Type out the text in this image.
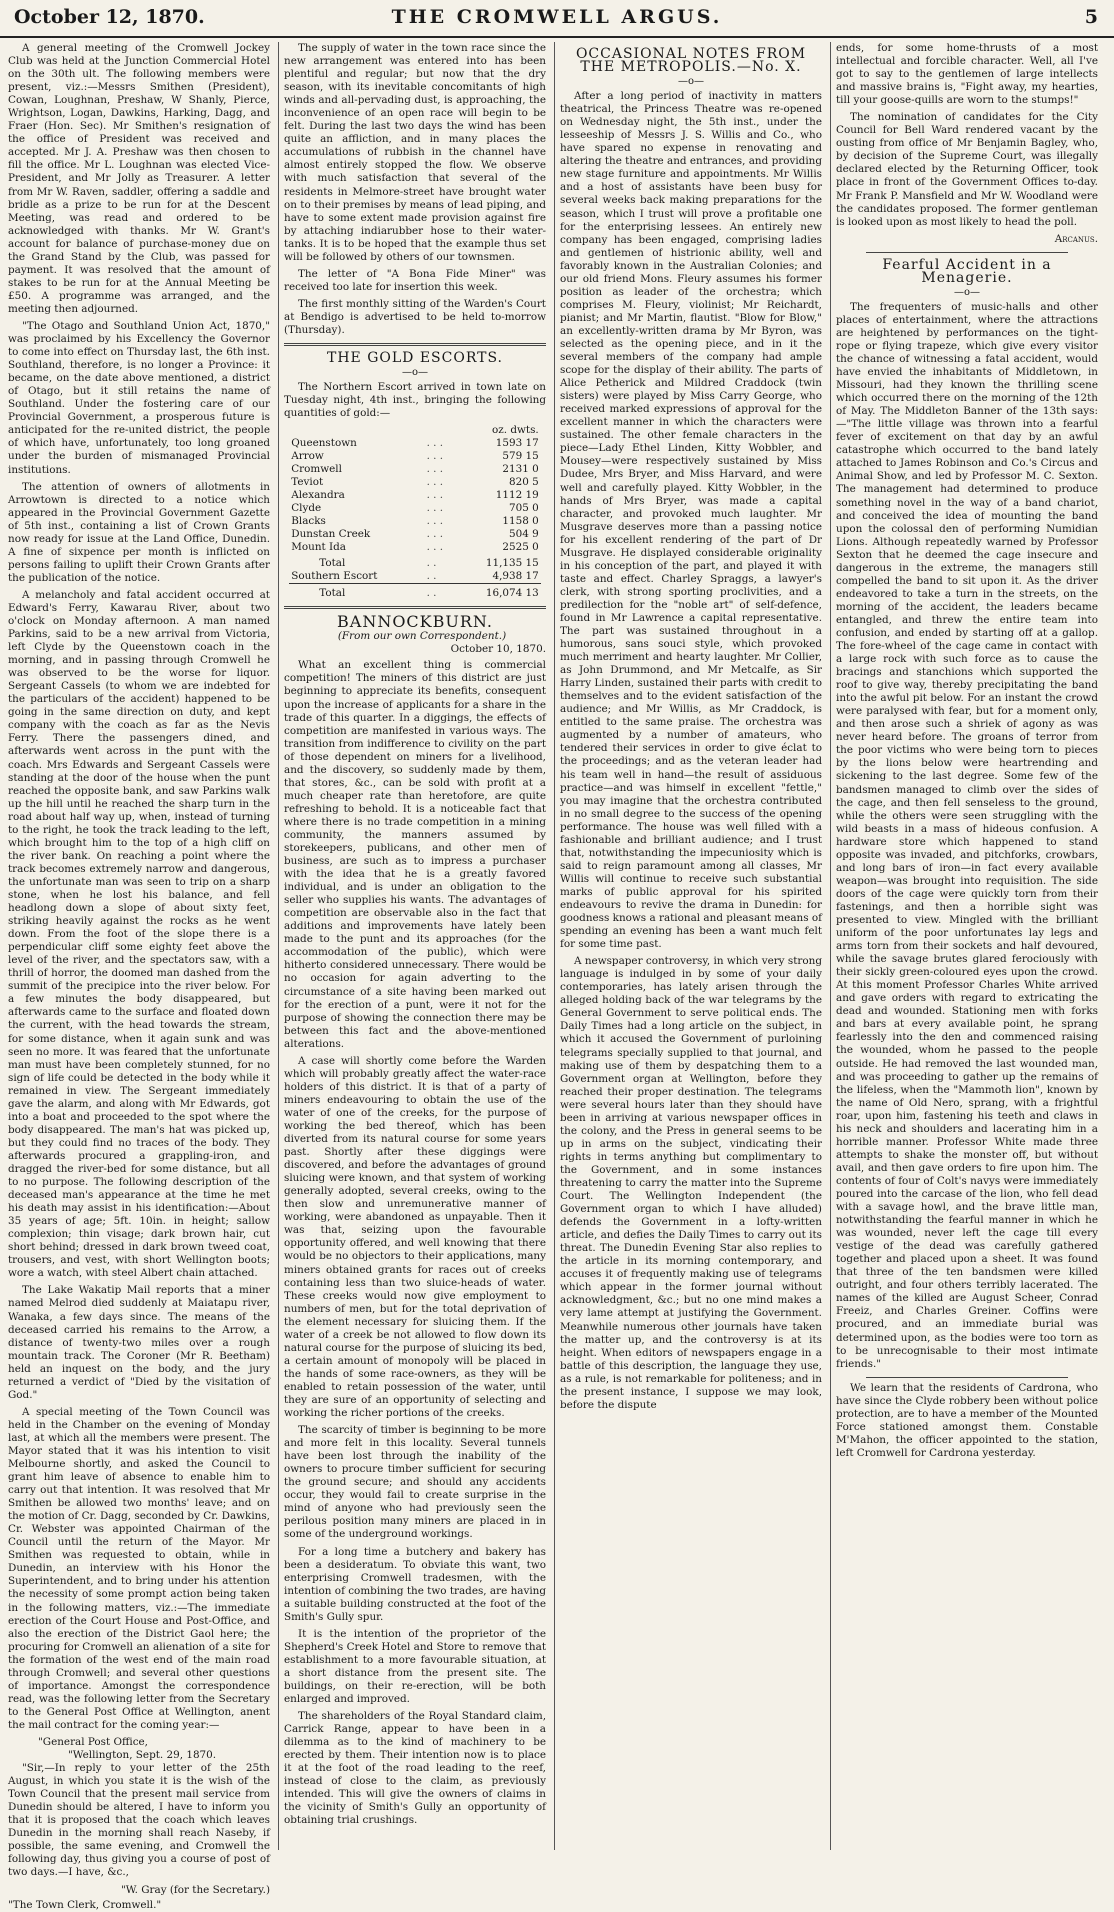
October 12, 1870.	THE CROMWELL ARGUS.	5

A general meeting of the Cromwell Jockey Club was held at the Junction Commercial Hotel on the 30th ult. The following members were present, viz.:—Messrs Smithen (President), Cowan, Loughnan, Preshaw, W Shanly, Pierce, Wrightson, Logan, Dawkins, Harking, Dagg, and Fraer (Hon. Sec). Mr Smithen's resignation of the office of President was received and accepted. Mr J. A. Preshaw was then chosen to fill the office. Mr L. Loughnan was elected Vice-President, and Mr Jolly as Treasurer. A letter from Mr W. Raven, saddler, offering a saddle and bridle as a prize to be run for at the Descent Meeting, was read and ordered to be acknowledged with thanks. Mr W. Grant's account for balance of purchase-money due on the Grand Stand by the Club, was passed for payment. It was resolved that the amount of stakes to be run for at the Annual Meeting be £50. A programme was arranged, and the meeting then adjourned.

"The Otago and Southland Union Act, 1870," was proclaimed by his Excellency the Governor to come into effect on Thursday last, the 6th inst. Southland, therefore, is no longer a Province: it became, on the date above mentioned, a district of Otago, but it still retains the name of Southland. Under the fostering care of our Provincial Government, a prosperous future is anticipated for the re-united district, the people of which have, unfortunately, too long groaned under the burden of mismanaged Provincial institutions.

The attention of owners of allotments in Arrowtown is directed to a notice which appeared in the Provincial Government Gazette of 5th inst., containing a list of Crown Grants now ready for issue at the Land Office, Dunedin. A fine of sixpence per month is inflicted on persons failing to uplift their Crown Grants after the publication of the notice.

A melancholy and fatal accident occurred at Edward's Ferry, Kawarau River, about two o'clock on Monday afternoon. A man named Parkins, said to be a new arrival from Victoria, left Clyde by the Queenstown coach in the morning, and in passing through Cromwell he was observed to be the worse for liquor. Sergeant Cassels (to whom we are indebted for the particulars of the accident) happened to be going in the same direction on duty, and kept company with the coach as far as the Nevis Ferry. There the passengers dined, and afterwards went across in the punt with the coach. Mrs Edwards and Sergeant Cassels were standing at the door of the house when the punt reached the opposite bank, and saw Parkins walk up the hill until he reached the sharp turn in the road about half way up, when, instead of turning to the right, he took the track leading to the left, which brought him to the top of a high cliff on the river bank. On reaching a point where the track becomes extremely narrow and dangerous, the unfortunate man was seen to trip on a sharp stone, when he lost his balance, and fell headlong down a slope of about sixty feet, striking heavily against the rocks as he went down. From the foot of the slope there is a perpendicular cliff some eighty feet above the level of the river, and the spectators saw, with a thrill of horror, the doomed man dashed from the summit of the precipice into the river below. For a few minutes the body disappeared, but afterwards came to the surface and floated down the current, with the head towards the stream, for some distance, when it again sunk and was seen no more. It was feared that the unfortunate man must have been completely stunned, for no sign of life could be detected in the body while it remained in view. The Sergeant immediately gave the alarm, and along with Mr Edwards, got into a boat and proceeded to the spot where the body disappeared. The man's hat was picked up, but they could find no traces of the body. They afterwards procured a grappling-iron, and dragged the river-bed for some distance, but all to no purpose. The following description of the deceased man's appearance at the time he met his death may assist in his identification:—About 35 years of age; 5ft. 10in. in height; sallow complexion; thin visage; dark brown hair, cut short behind; dressed in dark brown tweed coat, trousers, and vest, with short Wellington boots; wore a watch, with steel Albert chain attached.

The Lake Wakatip Mail reports that a miner named Melrod died suddenly at Maiatapu river, Wanaka, a few days since. The means of the deceased carried his remains to the Arrow, a distance of twenty-two miles over a rough mountain track. The Coroner (Mr R. Beetham) held an inquest on the body, and the jury returned a verdict of "Died by the visitation of God."

A special meeting of the Town Council was held in the Chamber on the evening of Monday last, at which all the members were present. The Mayor stated that it was his intention to visit Melbourne shortly, and asked the Council to grant him leave of absence to enable him to carry out that intention. It was resolved that Mr Smithen be allowed two months' leave; and on the motion of Cr. Dagg, seconded by Cr. Dawkins, Cr. Webster was appointed Chairman of the Council until the return of the Mayor. Mr Smithen was requested to obtain, while in Dunedin, an interview with his Honor the Superintendent, and to bring under his attention the necessity of some prompt action being taken in the following matters, viz.:—The immediate erection of the Court House and Post-Office, and also the erection of the District Gaol here; the procuring for Cromwell an alienation of a site for the formation of the west end of the main road through Cromwell; and several other questions of importance. Amongst the correspondence read, was the following letter from the Secretary to the General Post Office at Wellington, anent the mail contract for the coming year:—

"General Post Office,

"Wellington, Sept. 29, 1870.

"Sir,—In reply to your letter of the 25th August, in which you state it is the wish of the Town Council that the present mail service from Dunedin should be altered, I have to inform you that it is proposed that the coach which leaves Dunedin in the morning shall reach Naseby, if possible, the same evening, and Cromwell the following day, thus giving you a course of post of two days.—I have, &c.,

"W. Gray (for the Secretary.)

"The Town Clerk, Cromwell."

The supply of water in the town race since the new arrangement was entered into has been plentiful and regular; but now that the dry season, with its inevitable concomitants of high winds and all-pervading dust, is approaching, the inconvenience of an open race will begin to be felt. During the last two days the wind has been quite an affliction, and in many places the accumulations of rubbish in the channel have almost entirely stopped the flow. We observe with much satisfaction that several of the residents in Melmore-street have brought water on to their premises by means of lead piping, and have to some extent made provision against fire by attaching indiarubber hose to their water-tanks. It is to be hoped that the example thus set will be followed by others of our townsmen.

The letter of "A Bona Fide Miner" was received too late for insertion this week.

The first monthly sitting of the Warden's Court at Bendigo is advertised to be held to-morrow (Thursday).

THE GOLD ESCORTS.
—o—

The Northern Escort arrived in town late on Tuesday night, 4th inst., bringing the following quantities of gold:—

		oz. dwts.
Queenstown	. . .	1593 17
Arrow	. . .	579 15
Cromwell	. . .	2131 0
Teviot	. . .	820 5
Alexandra	. . .	1112 19
Clyde	. . .	705 0
Blacks	. . .	1158 0
Dunstan Creek	. . .	504 9
Mount Ida	. . .	2525 0
Total	. .	11,135 15
Southern Escort	. .	4,938 17
Total	. .	16,074 13
BANNOCKBURN.

(From our own Correspondent.)

October 10, 1870.

What an excellent thing is commercial competition! The miners of this district are just beginning to appreciate its benefits, consequent upon the increase of applicants for a share in the trade of this quarter. In a diggings, the effects of competition are manifested in various ways. The transition from indifference to civility on the part of those dependent on miners for a livelihood, and the discovery, so suddenly made by them, that stores, &c., can be sold with profit at a much cheaper rate than heretofore, are quite refreshing to behold. It is a noticeable fact that where there is no trade competition in a mining community, the manners assumed by storekeepers, publicans, and other men of business, are such as to impress a purchaser with the idea that he is a greatly favored individual, and is under an obligation to the seller who supplies his wants. The advantages of competition are observable also in the fact that additions and improvements have lately been made to the punt and its approaches (for the accommodation of the public), which were hitherto considered unnecessary. There would be no occasion for again adverting to the circumstance of a site having been marked out for the erection of a punt, were it not for the purpose of showing the connection there may be between this fact and the above-mentioned alterations.

A case will shortly come before the Warden which will probably greatly affect the water-race holders of this district. It is that of a party of miners endeavouring to obtain the use of the water of one of the creeks, for the purpose of working the bed thereof, which has been diverted from its natural course for some years past. Shortly after these diggings were discovered, and before the advantages of ground sluicing were known, and that system of working generally adopted, several creeks, owing to the then slow and unremunerative manner of working, were abandoned as unpayable. Then it was that, seizing upon the favourable opportunity offered, and well knowing that there would be no objectors to their applications, many miners obtained grants for races out of creeks containing less than two sluice-heads of water. These creeks would now give employment to numbers of men, but for the total deprivation of the element necessary for sluicing them. If the water of a creek be not allowed to flow down its natural course for the purpose of sluicing its bed, a certain amount of monopoly will be placed in the hands of some race-owners, as they will be enabled to retain possession of the water, until they are sure of an opportunity of selecting and working the richer portions of the creeks.

The scarcity of timber is beginning to be more and more felt in this locality. Several tunnels have been lost through the inability of the owners to procure timber sufficient for securing the ground secure; and should any accidents occur, they would fail to create surprise in the mind of anyone who had previously seen the perilous position many miners are placed in in some of the underground workings.

For a long time a butchery and bakery has been a desideratum. To obviate this want, two enterprising Cromwell tradesmen, with the intention of combining the two trades, are having a suitable building constructed at the foot of the Smith's Gully spur.

It is the intention of the proprietor of the Shepherd's Creek Hotel and Store to remove that establishment to a more favourable situation, at a short distance from the present site. The buildings, on their re-erection, will be both enlarged and improved.

The shareholders of the Royal Standard claim, Carrick Range, appear to have been in a dilemma as to the kind of machinery to be erected by them. Their intention now is to place it at the foot of the road leading to the reef, instead of close to the claim, as previously intended. This will give the owners of claims in the vicinity of Smith's Gully an opportunity of obtaining trial crushings.

OCCASIONAL NOTES FROM THE METROPOLIS.—No. X.
—o—

After a long period of inactivity in matters theatrical, the Princess Theatre was re-opened on Wednesday night, the 5th inst., under the lesseeship of Messrs J. S. Willis and Co., who have spared no expense in renovating and altering the theatre and entrances, and providing new stage furniture and appointments. Mr Willis and a host of assistants have been busy for several weeks back making preparations for the season, which I trust will prove a profitable one for the enterprising lessees. An entirely new company has been engaged, comprising ladies and gentlemen of histrionic ability, well and favorably known in the Australian Colonies; and our old friend Mons. Fleury assumes his former position as leader of the orchestra; which comprises M. Fleury, violinist; Mr Reichardt, pianist; and Mr Martin, flautist. "Blow for Blow," an excellently-written drama by Mr Byron, was selected as the opening piece, and in it the several members of the company had ample scope for the display of their ability. The parts of Alice Petherick and Mildred Craddock (twin sisters) were played by Miss Carry George, who received marked expressions of approval for the excellent manner in which the characters were sustained. The other female characters in the piece—Lady Ethel Linden, Kitty Wobbler, and Mousey—were respectively sustained by Miss Dudee, Mrs Bryer, and Miss Harvard, and were well and carefully played. Kitty Wobbler, in the hands of Mrs Bryer, was made a capital character, and provoked much laughter. Mr Musgrave deserves more than a passing notice for his excellent rendering of the part of Dr Musgrave. He displayed considerable originality in his conception of the part, and played it with taste and effect. Charley Spraggs, a lawyer's clerk, with strong sporting proclivities, and a predilection for the "noble art" of self-defence, found in Mr Lawrence a capital representative. The part was sustained throughout in a humorous, sans souci style, which provoked much merriment and hearty laughter. Mr Collier, as John Drummond, and Mr Metcalfe, as Sir Harry Linden, sustained their parts with credit to themselves and to the evident satisfaction of the audience; and Mr Willis, as Mr Craddock, is entitled to the same praise. The orchestra was augmented by a number of amateurs, who tendered their services in order to give éclat to the proceedings; and as the veteran leader had his team well in hand—the result of assiduous practice—and was himself in excellent "fettle," you may imagine that the orchestra contributed in no small degree to the success of the opening performance. The house was well filled with a fashionable and brilliant audience; and I trust that, notwithstanding the impecuniosity which is said to reign paramount among all classes, Mr Willis will continue to receive such substantial marks of public approval for his spirited endeavours to revive the drama in Dunedin: for goodness knows a rational and pleasant means of spending an evening has been a want much felt for some time past.

A newspaper controversy, in which very strong language is indulged in by some of your daily contemporaries, has lately arisen through the alleged holding back of the war telegrams by the General Government to serve political ends. The Daily Times had a long article on the subject, in which it accused the Government of purloining telegrams specially supplied to that journal, and making use of them by despatching them to a Government organ at Wellington, before they reached their proper destination. The telegrams were several hours later than they should have been in arriving at various newspaper offices in the colony, and the Press in general seems to be up in arms on the subject, vindicating their rights in terms anything but complimentary to the Government, and in some instances threatening to carry the matter into the Supreme Court. The Wellington Independent (the Government organ to which I have alluded) defends the Government in a lofty-written article, and defies the Daily Times to carry out its threat. The Dunedin Evening Star also replies to the article in its morning contemporary, and accuses it of frequently making use of telegrams which appear in the former journal without acknowledgment, &c.; but no one mind makes a very lame attempt at justifying the Government. Meanwhile numerous other journals have taken the matter up, and the controversy is at its height. When editors of newspapers engage in a battle of this description, the language they use, as a rule, is not remarkable for politeness; and in the present instance, I suppose we may look, before the dispute

ends, for some home-thrusts of a most intellectual and forcible character. Well, all I've got to say to the gentlemen of large intellects and massive brains is, "Fight away, my hearties, till your goose-quills are worn to the stumps!"

The nomination of candidates for the City Council for Bell Ward rendered vacant by the ousting from office of Mr Benjamin Bagley, who, by decision of the Supreme Court, was illegally declared elected by the Returning Officer, took place in front of the Government Offices to-day. Mr Frank P. Mansfield and Mr W. Woodland were the candidates proposed. The former gentleman is looked upon as most likely to head the poll.

Arcanus.

Fearful Accident in a Menagerie.
—o—

The frequenters of music-halls and other places of entertainment, where the attractions are heightened by performances on the tight-rope or flying trapeze, which give every visitor the chance of witnessing a fatal accident, would have envied the inhabitants of Middletown, in Missouri, had they known the thrilling scene which occurred there on the morning of the 12th of May. The Middleton Banner of the 13th says:—"The little village was thrown into a fearful fever of excitement on that day by an awful catastrophe which occurred to the band lately attached to James Robinson and Co.'s Circus and Animal Show, and led by Professor M. C. Sexton. The management had determined to produce something novel in the way of a band chariot, and conceived the idea of mounting the band upon the colossal den of performing Numidian Lions. Although repeatedly warned by Professor Sexton that he deemed the cage insecure and dangerous in the extreme, the managers still compelled the band to sit upon it. As the driver endeavored to take a turn in the streets, on the morning of the accident, the leaders became entangled, and threw the entire team into confusion, and ended by starting off at a gallop. The fore-wheel of the cage came in contact with a large rock with such force as to cause the bracings and stanchions which supported the roof to give way, thereby precipitating the band into the awful pit below. For an instant the crowd were paralysed with fear, but for a moment only, and then arose such a shriek of agony as was never heard before. The groans of terror from the poor victims who were being torn to pieces by the lions below were heartrending and sickening to the last degree. Some few of the bandsmen managed to climb over the sides of the cage, and then fell senseless to the ground, while the others were seen struggling with the wild beasts in a mass of hideous confusion. A hardware store which happened to stand opposite was invaded, and pitchforks, crowbars, and long bars of iron—in fact every available weapon—was brought into requisition. The side doors of the cage were quickly torn from their fastenings, and then a horrible sight was presented to view. Mingled with the brilliant uniform of the poor unfortunates lay legs and arms torn from their sockets and half devoured, while the savage brutes glared ferociously with their sickly green-coloured eyes upon the crowd. At this moment Professor Charles White arrived and gave orders with regard to extricating the dead and wounded. Stationing men with forks and bars at every available point, he sprang fearlessly into the den and commenced raising the wounded, whom he passed to the people outside. He had removed the last wounded man, and was proceeding to gather up the remains of the lifeless, when the "Mammoth lion", known by the name of Old Nero, sprang, with a frightful roar, upon him, fastening his teeth and claws in his neck and shoulders and lacerating him in a horrible manner. Professor White made three attempts to shake the monster off, but without avail, and then gave orders to fire upon him. The contents of four of Colt's navys were immediately poured into the carcase of the lion, who fell dead with a savage howl, and the brave little man, notwithstanding the fearful manner in which he was wounded, never left the cage till every vestige of the dead was carefully gathered together and placed upon a sheet. It was found that three of the ten bandsmen were killed outright, and four others terribly lacerated. The names of the killed are August Scheer, Conrad Freeiz, and Charles Greiner. Coffins were procured, and an immediate burial was determined upon, as the bodies were too torn as to be unrecognisable to their most intimate friends."

We learn that the residents of Cardrona, who have since the Clyde robbery been without police protection, are to have a member of the Mounted Force stationed amongst them. Constable M'Mahon, the officer appointed to the station, left Cromwell for Cardrona yesterday.
